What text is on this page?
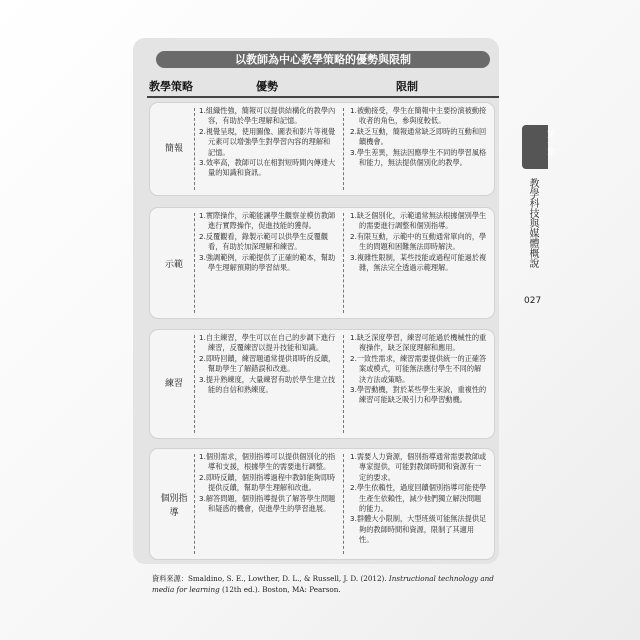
以教師為中心教學策略的優勢與限制
教學策略	優勢	限制
簡報

1.組織性強，簡報可以提供結構化的教學內容，有助於學生理解和記憶。

2.視覺呈現，使用圖像、圖表和影片等視覺元素可以增強學生對學習內容的理解和記憶。

3.效率高，教師可以在相對短時間內傳達大量的知識和資訊。

1.被動接受，學生在簡報中主要扮演被動接收者的角色，參與度較低。

2.缺乏互動，簡報通常缺乏即時的互動和回饋機會。

3.學生差異，無法因應學生不同的學習風格和能力，無法提供個別化的教學。

示範

1.實際操作，示範能讓學生觀察並模仿教師進行實際操作，促進技能的獲得。

2.反覆觀看，錄製示範可以供學生反覆觀看，有助於加深理解和練習。

3.強調範例，示範提供了正確的範本，幫助學生理解預期的學習結果。

1.缺乏個別化，示範通常無法根據個別學生的需要進行調整和個別指導。

2.有限互動，示範中的互動通常單向的，學生的問題和困難無法即時解決。

3.複雜性限制，某些技能或過程可能過於複雜，無法完全透過示範理解。

練習

1.自主練習，學生可以在自己的步調下進行練習，反覆練習以提升技能和知識。

2.即時回饋，練習題通常提供即時的反饋，幫助學生了解錯誤和改進。

3.提升熟練度，大量練習有助於學生建立技能的自信和熟練度。

1.缺乏深度學習，練習可能過於機械性的重複操作，缺乏深度理解和應用。

2.一致性需求，練習需要提供統一的正確答案或模式，可能無法應付學生不同的解決方法或策略。

3.學習動機，對於某些學生來說，重複性的練習可能缺乏吸引力和學習動機。

個別指導

1.個別需求，個別指導可以提供個別化的指導和支援，根據學生的需要進行調整。

2.即時反饋，個別指導過程中教師能夠即時提供反饋，幫助學生理解和改進。

3.解答問題，個別指導提供了解答學生問題和疑惑的機會，促進學生的學習進展。

1.需要人力資源，個別指導通常需要教師或專家提供，可能對教師時間和資源有一定的要求。

2.學生依賴性，過度回饋個別指導可能使學生產生依賴性，減少他們獨立解決問題的能力。

3.群體大小限制，大型班級可能無法提供足夠的教師時間和資源，限制了其適用性。

資料來源：Smaldino, S. E., Lowther, D. L., & Russell, J. D. (2012). Instructional technology and media for learning (12th ed.). Boston, MA: Pearson.
第一章
教學科技與媒體概說
027
